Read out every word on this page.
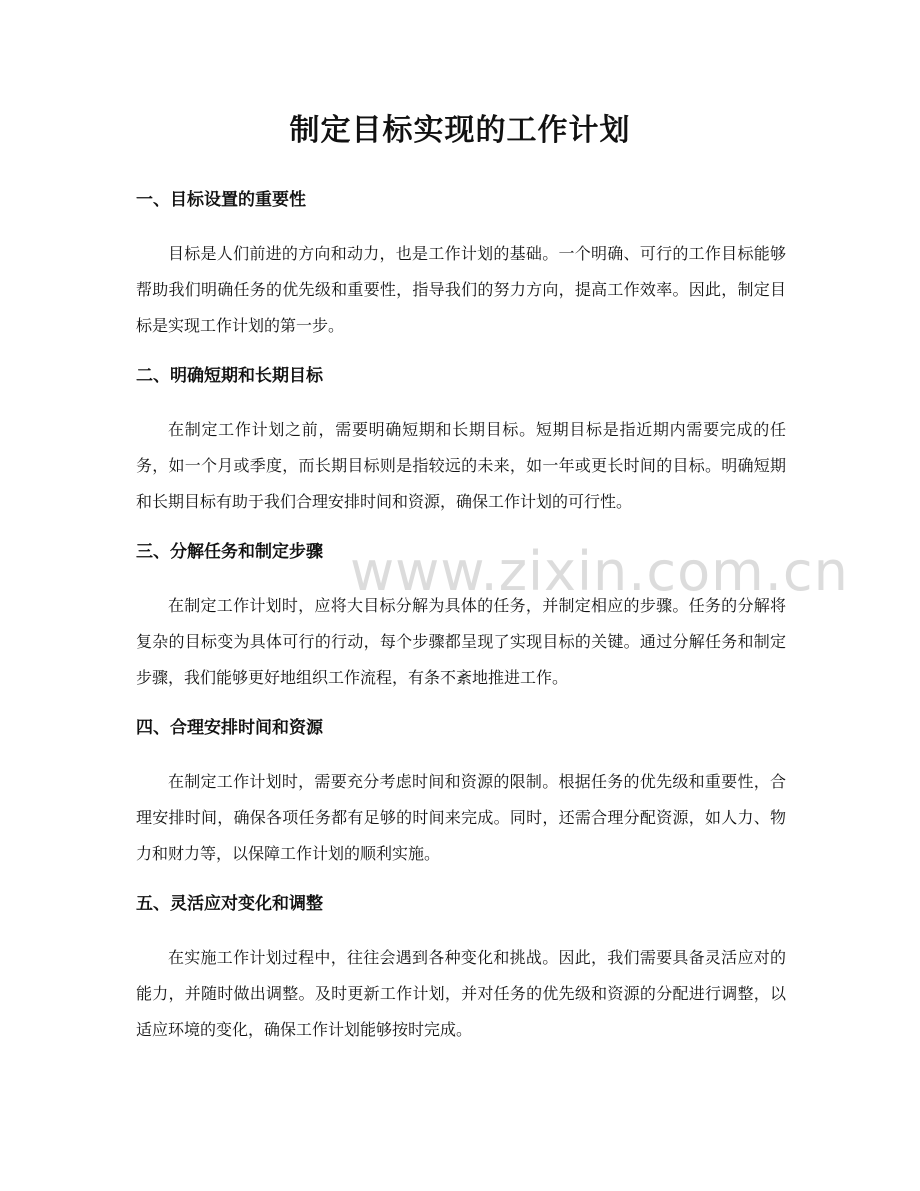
制定目标实现的工作计划
一、目标设置的重要性

目标是人们前进的方向和动力，也是工作计划的基础。一个明确、可行的工作目标能够帮助我们明确任务的优先级和重要性，指导我们的努力方向，提高工作效率。因此，制定目标是实现工作计划的第一步。

二、明确短期和长期目标

在制定工作计划之前，需要明确短期和长期目标。短期目标是指近期内需要完成的任务，如一个月或季度，而长期目标则是指较远的未来，如一年或更长时间的目标。明确短期和长期目标有助于我们合理安排时间和资源，确保工作计划的可行性。

三、分解任务和制定步骤

在制定工作计划时，应将大目标分解为具体的任务，并制定相应的步骤。任务的分解将复杂的目标变为具体可行的行动，每个步骤都呈现了实现目标的关键。通过分解任务和制定步骤，我们能够更好地组织工作流程，有条不紊地推进工作。

四、合理安排时间和资源

在制定工作计划时，需要充分考虑时间和资源的限制。根据任务的优先级和重要性，合理安排时间，确保各项任务都有足够的时间来完成。同时，还需合理分配资源，如人力、物力和财力等，以保障工作计划的顺利实施。

五、灵活应对变化和调整

在实施工作计划过程中，往往会遇到各种变化和挑战。因此，我们需要具备灵活应对的能力，并随时做出调整。及时更新工作计划，并对任务的优先级和资源的分配进行调整，以适应环境的变化，确保工作计划能够按时完成。

www.zixin.com.cn
